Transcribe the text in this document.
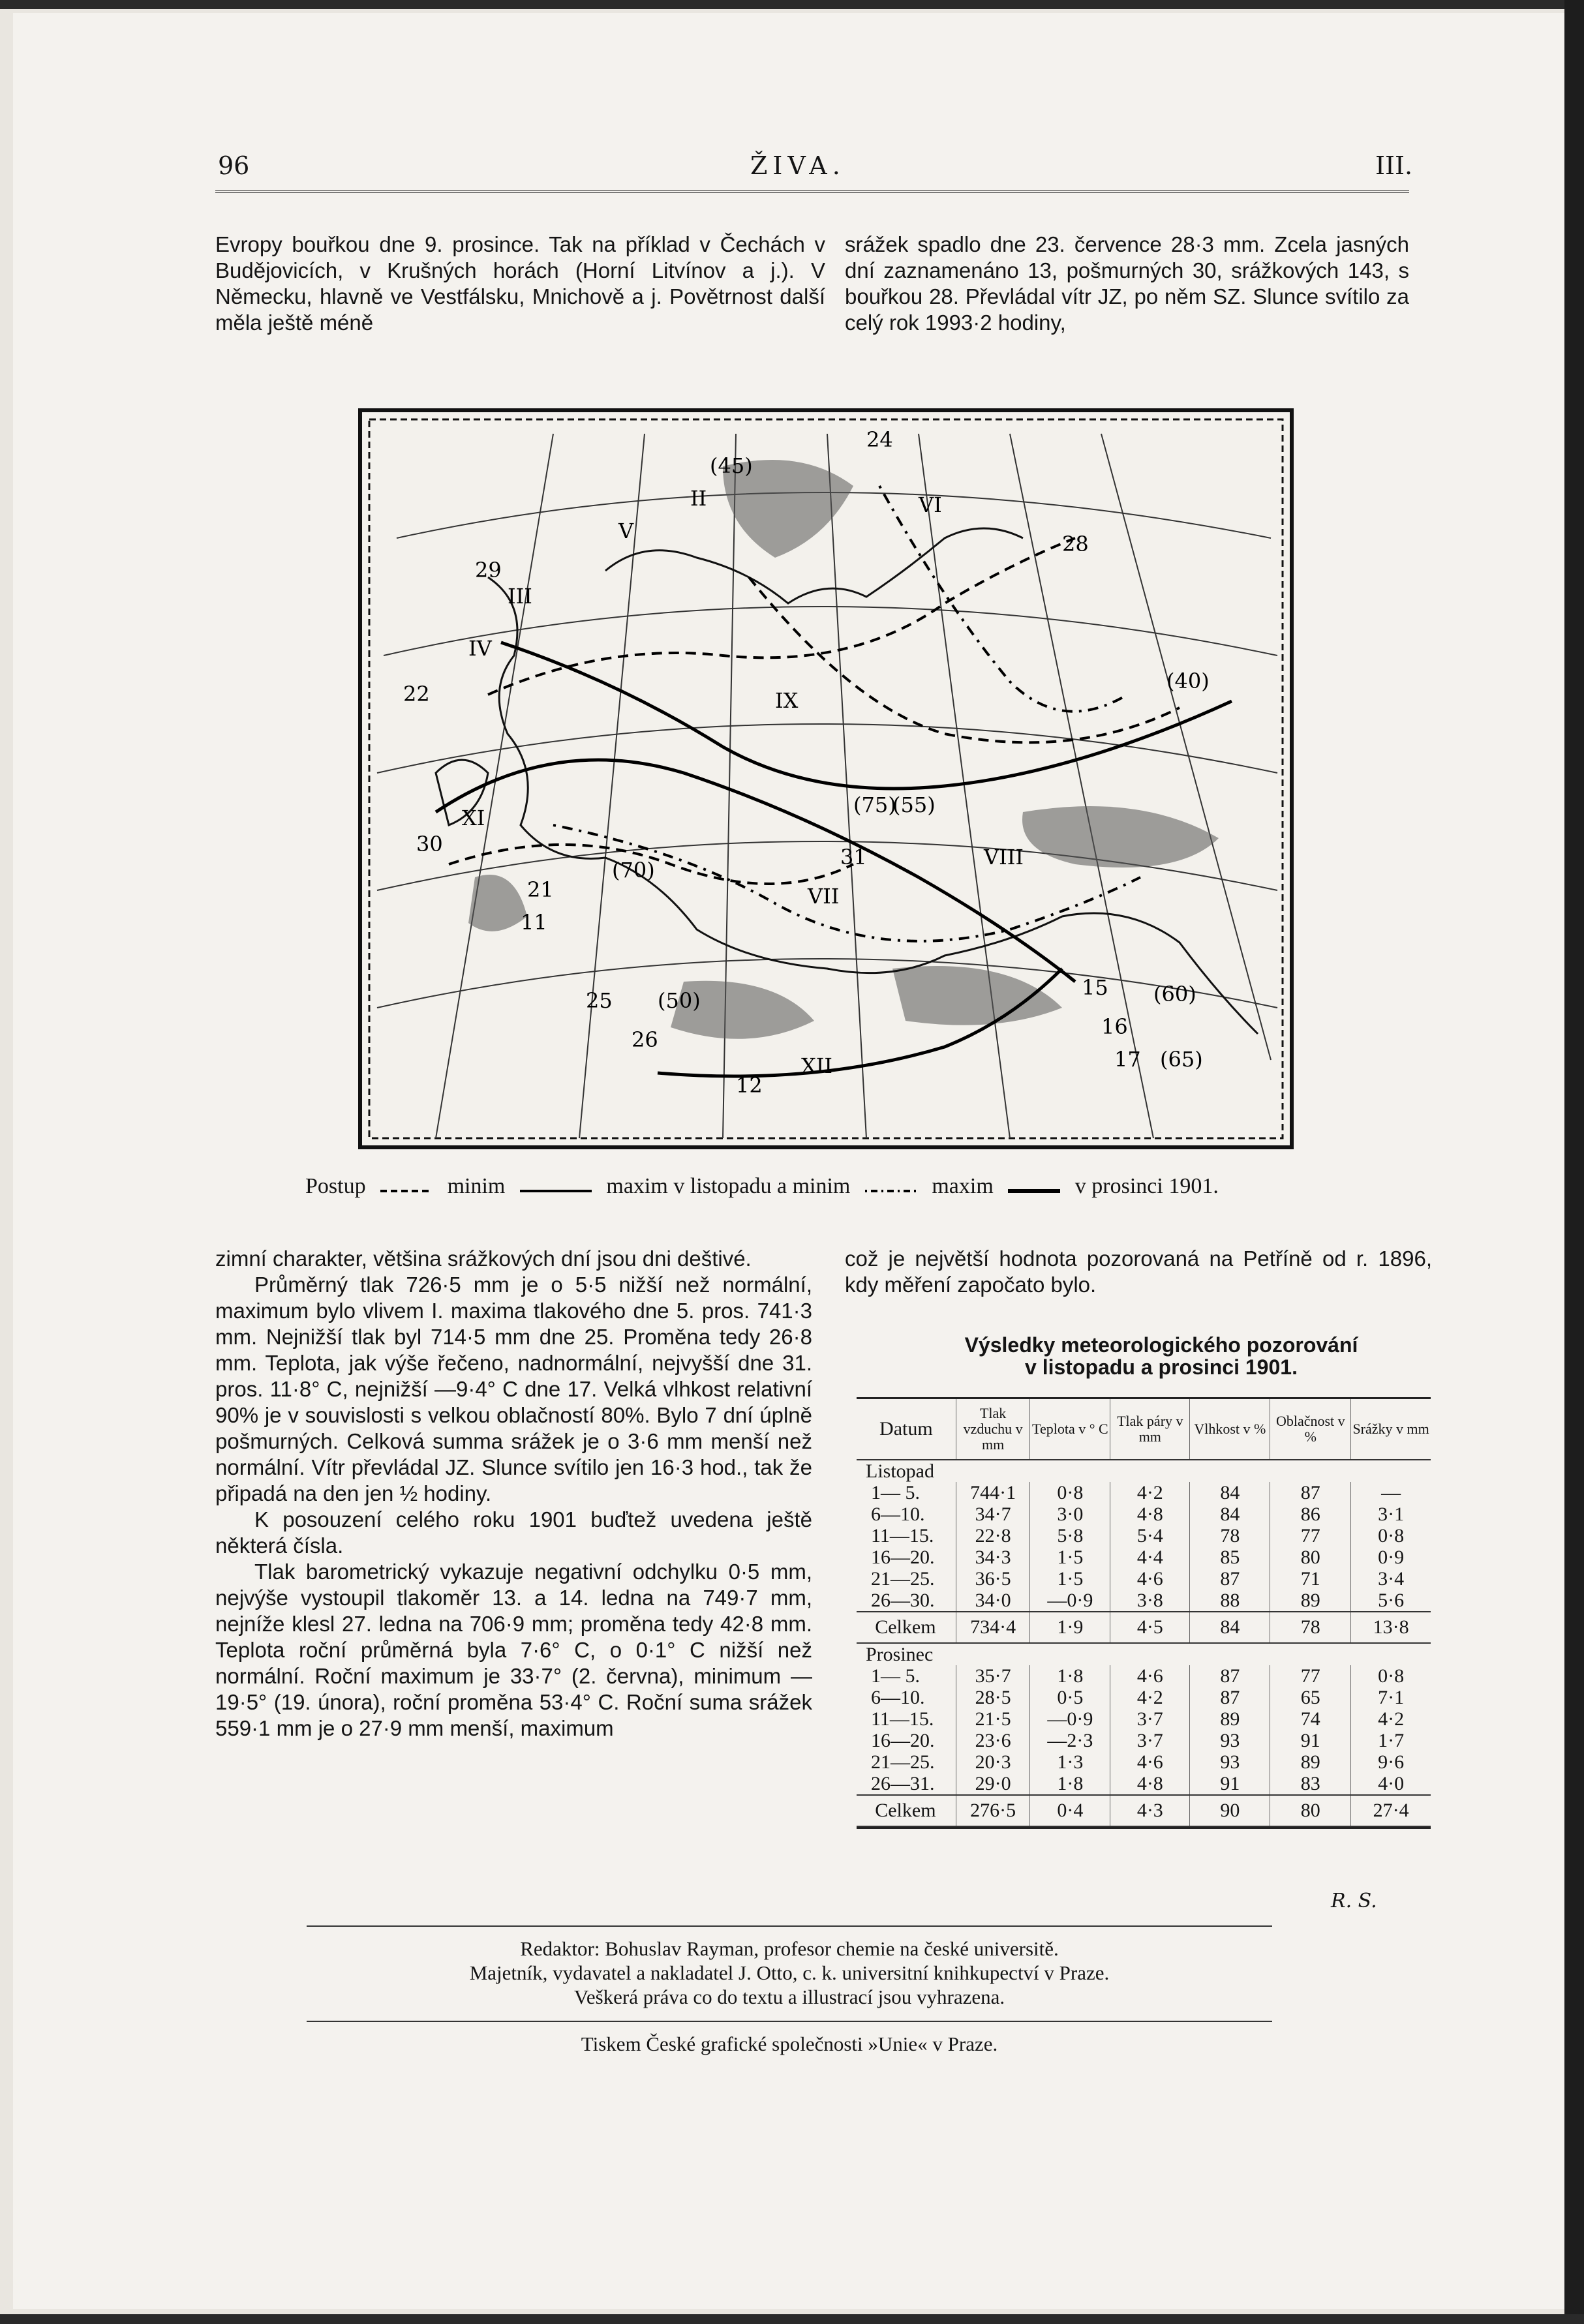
96	ŽIVA.	III.

Evropy bouřkou dne 9. prosince. Tak na příklad v Čechách v Budějovicích, v Krušných horách (Horní Litvínov a j.). V Německu, hlavně ve Vestfálsku, Mnichově a j. Povětrnost další měla ještě méně

srážek spadlo dne 23. července 28·3 mm. Zcela jasných dní zaznamenáno 13, pošmurných 30, srážkových 143, s bouřkou 28. Převládal vítr JZ, po něm SZ. Slunce svítilo za celý rok 1993·2 hodiny,

II
III
IV
V
VI
VII
VIII
IX
XI
XII
30
29
22
28
12
16
11
21
15
17
24
25
26
31
(40)
(45)
(50)
(55)
(60)
(65)
(70)
(75)
Postup	minim	maxim v listopadu a minim	maxim	v prosinci 1901.

zimní charakter, většina srážkových dní jsou dni deštivé.

Průměrný tlak 726·5 mm je o 5·5 nižší než normální, maximum bylo vlivem I. maxima tlakového dne 5. pros. 741·3 mm. Nejnižší tlak byl 714·5 mm dne 25. Proměna tedy 26·8 mm. Teplota, jak výše řečeno, nadnormální, nejvyšší dne 31. pros. 11·8° C, nejnižší —9·4° C dne 17. Velká vlhkost relativní 90% je v souvislosti s velkou oblačností 80%. Bylo 7 dní úplně pošmurných. Celková summa srážek je o 3·6 mm menší než normální. Vítr převládal JZ. Slunce svítilo jen 16·3 hod., tak že připadá na den jen ½ hodiny.

K posouzení celého roku 1901 buďtež uvedena ještě některá čísla.

Tlak barometrický vykazuje negativní odchylku 0·5 mm, nejvýše vystoupil tlakoměr 13. a 14. ledna na 749·7 mm, nejníže klesl 27. ledna na 706·9 mm; proměna tedy 42·8 mm. Teplota roční průměrná byla 7·6° C, o 0·1° C nižší než normální. Roční maximum je 33·7° (2. června), minimum —19·5° (19. února), roční proměna 53·4° C. Roční suma srážek 559·1 mm je o 27·9 mm menší, maximum

což je největší hodnota pozorovaná na Petříně od r. 1896, kdy měření započato bylo.

Výsledky meteorologického pozorování
v listopadu a prosinci 1901.
Datum	Tlak vzduchu v mm	Teplota v ° C	Tlak páry v mm	Vlhkost v %	Oblačnost v %	Srážky v mm
Listopad						
1— 5.	744·1	0·8	4·2	84	87	—
6—10.	34·7	3·0	4·8	84	86	3·1
11—15.	22·8	5·8	5·4	78	77	0·8
16—20.	34·3	1·5	4·4	85	80	0·9
21—25.	36·5	1·5	4·6	87	71	3·4
26—30.	34·0	—0·9	3·8	88	89	5·6
Celkem	734·4	1·9	4·5	84	78	13·8
Prosinec						
1— 5.	35·7	1·8	4·6	87	77	0·8
6—10.	28·5	0·5	4·2	87	65	7·1
11—15.	21·5	—0·9	3·7	89	74	4·2
16—20.	23·6	—2·3	3·7	93	91	1·7
21—25.	20·3	1·3	4·6	93	89	9·6
26—31.	29·0	1·8	4·8	91	83	4·0
Celkem	276·5	0·4	4·3	90	80	27·4
R. S.
Redaktor: Bohuslav Rayman, profesor chemie na české universitě.
Majetník, vydavatel a nakladatel J. Otto, c. k. universitní knihkupectví v Praze.
Veškerá práva co do textu a illustrací jsou vyhrazena.
Tiskem České grafické společnosti »Unie« v Praze.
